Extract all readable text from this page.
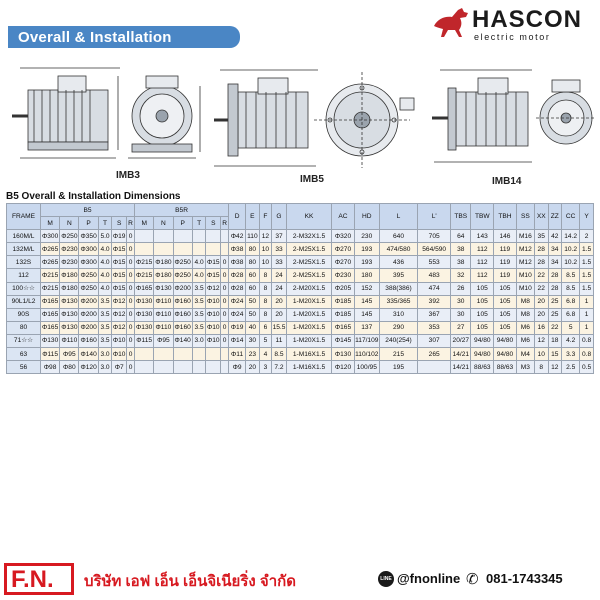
Overall & Installation dimensions
HASCON
electric motor
IMB3	IMB5	IMB14
B5 Overall & Installation Dimensions
FRAME	B5						B5R						D	E	F	G	KK	AC	HD	L	L'	TBS	TBW	TBH	SS	XX	ZZ	CC	Y
	M	N	P	T	S	R	M	N	P	T	S	R																	
160M/L	Φ300	Φ250	Φ350	5.0	Φ19	0							Φ42	110	12	37	2-M32X1.5	Φ320	230	640	705	64	143	146	M16	35	42	14.2	2
132M/L	Φ265	Φ230	Φ300	4.0	Φ15	0							Φ38	80	10	33	2-M25X1.5	Φ270	193	474/580	564/590	38	112	119	M12	28	34	10.2	1.5
132S	Φ265	Φ230	Φ300	4.0	Φ15	0	Φ215	Φ180	Φ250	4.0	Φ15	0	Φ38	80	10	33	2-M25X1.5	Φ270	193	436	553	38	112	119	M12	28	34	10.2	1.5
112	Φ215	Φ180	Φ250	4.0	Φ15	0	Φ215	Φ180	Φ250	4.0	Φ15	0	Φ28	60	8	24	2-M25X1.5	Φ230	180	395	483	32	112	119	M10	22	28	8.5	1.5
100☆☆	Φ215	Φ180	Φ250	4.0	Φ15	0	Φ165	Φ130	Φ200	3.5	Φ12	0	Φ28	60	8	24	2-M20X1.5	Φ205	152	388(386)	474	26	105	105	M10	22	28	8.5	1.5
90L1/L2	Φ165	Φ130	Φ200	3.5	Φ12	0	Φ130	Φ110	Φ160	3.5	Φ10	0	Φ24	50	8	20	1-M20X1.5	Φ185	145	335/365	392	30	105	105	M8	20	25	6.8	1
90S	Φ165	Φ130	Φ200	3.5	Φ12	0	Φ130	Φ110	Φ160	3.5	Φ10	0	Φ24	50	8	20	1-M20X1.5	Φ185	145	310	367	30	105	105	M8	20	25	6.8	1
80	Φ165	Φ130	Φ200	3.5	Φ12	0	Φ130	Φ110	Φ160	3.5	Φ10	0	Φ19	40	6	15.5	1-M20X1.5	Φ165	137	290	353	27	105	105	M6	16	22	5	1
71☆☆	Φ130	Φ110	Φ160	3.5	Φ10	0	Φ115	Φ95	Φ140	3.0	Φ10	0	Φ14	30	5	11	1-M20X1.5	Φ145	117/109	240(254)	307	20/27	94/80	94/80	M6	12	18	4.2	0.8
63	Φ115	Φ95	Φ140	3.0	Φ10	0							Φ11	23	4	8.5	1-M16X1.5	Φ130	110/102	215	265	14/21	94/80	94/80	M4	10	15	3.3	0.8
56	Φ98	Φ80	Φ120	3.0	Φ7	0							Φ9	20	3	7.2	1-M16X1.5	Φ120	100/95	195		14/21	88/63	88/63	M3	8	12	2.5	0.5
F.N. บริษัท เอฟ เอ็น เอ็นจิเนียริ่ง จำกัด	LINE @fnonline ✆ 081-1743345
